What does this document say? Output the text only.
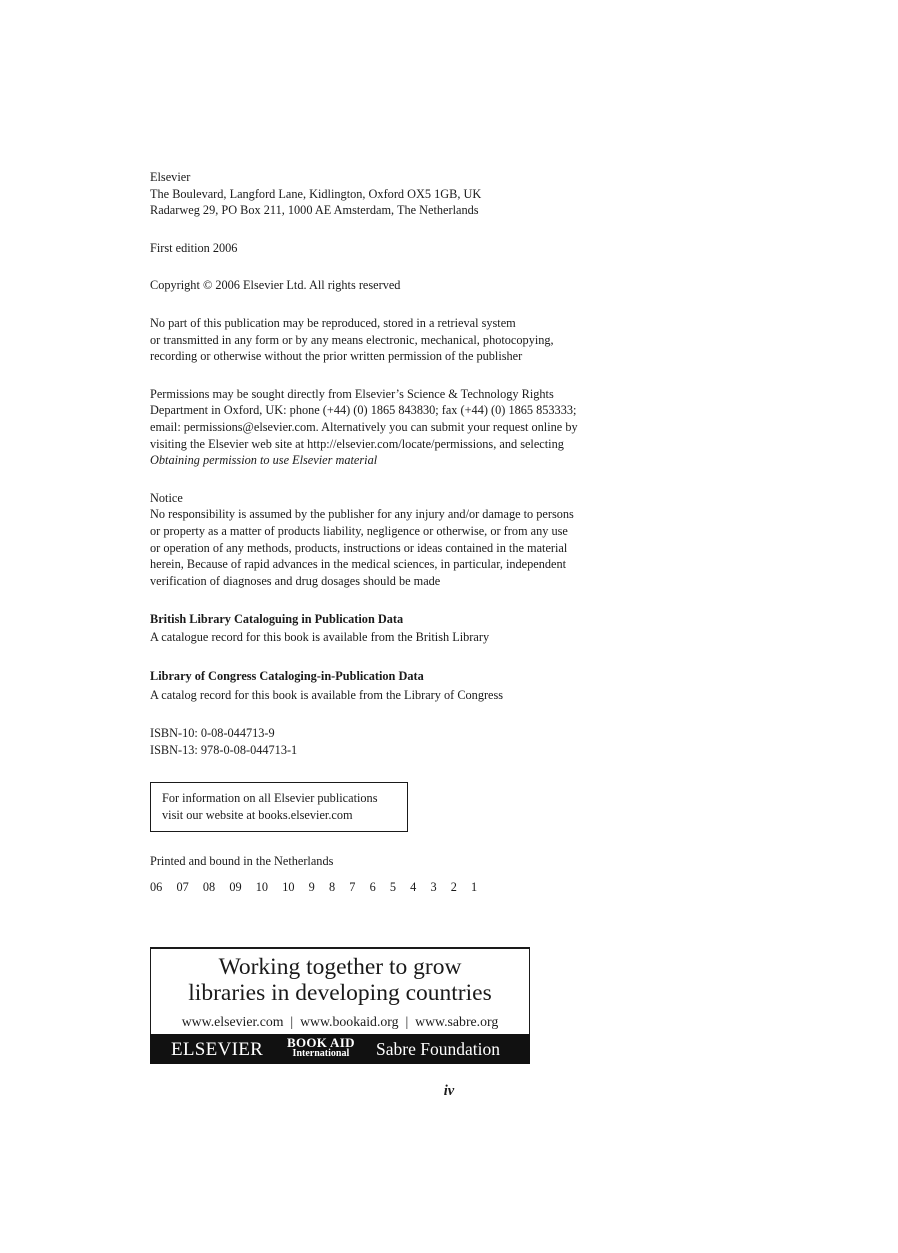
Elsevier
The Boulevard, Langford Lane, Kidlington, Oxford OX5 1GB, UK
Radarweg 29, PO Box 211, 1000 AE Amsterdam, The Netherlands
First edition 2006
Copyright © 2006 Elsevier Ltd. All rights reserved
No part of this publication may be reproduced, stored in a retrieval system
or transmitted in any form or by any means electronic, mechanical, photocopying,
recording or otherwise without the prior written permission of the publisher
Permissions may be sought directly from Elsevier’s Science & Technology Rights
Department in Oxford, UK: phone (+44) (0) 1865 843830; fax (+44) (0) 1865 853333;
email: permissions@elsevier.com. Alternatively you can submit your request online by
visiting the Elsevier web site at http://elsevier.com/locate/permissions, and selecting
Obtaining permission to use Elsevier material
Notice
No responsibility is assumed by the publisher for any injury and/or damage to persons
or property as a matter of products liability, negligence or otherwise, or from any use
or operation of any methods, products, instructions or ideas contained in the material
herein, Because of rapid advances in the medical sciences, in particular, independent
verification of diagnoses and drug dosages should be made
British Library Cataloguing in Publication Data
A catalogue record for this book is available from the British Library
Library of Congress Cataloging-in-Publication Data
A catalog record for this book is available from the Library of Congress
ISBN-10: 0-08-044713-9
ISBN-13: 978-0-08-044713-1
For information on all Elsevier publications
visit our website at books.elsevier.com
Printed and bound in the Netherlands
06  07  08  09  10  10  9  8  7  6  5  4  3  2  1
Working together to grow
libraries in developing countries
www.elsevier.com  |  www.bookaid.org  |  www.sabre.org
ELSEVIER BOOK AID
International	Sabre Foundation
iv
